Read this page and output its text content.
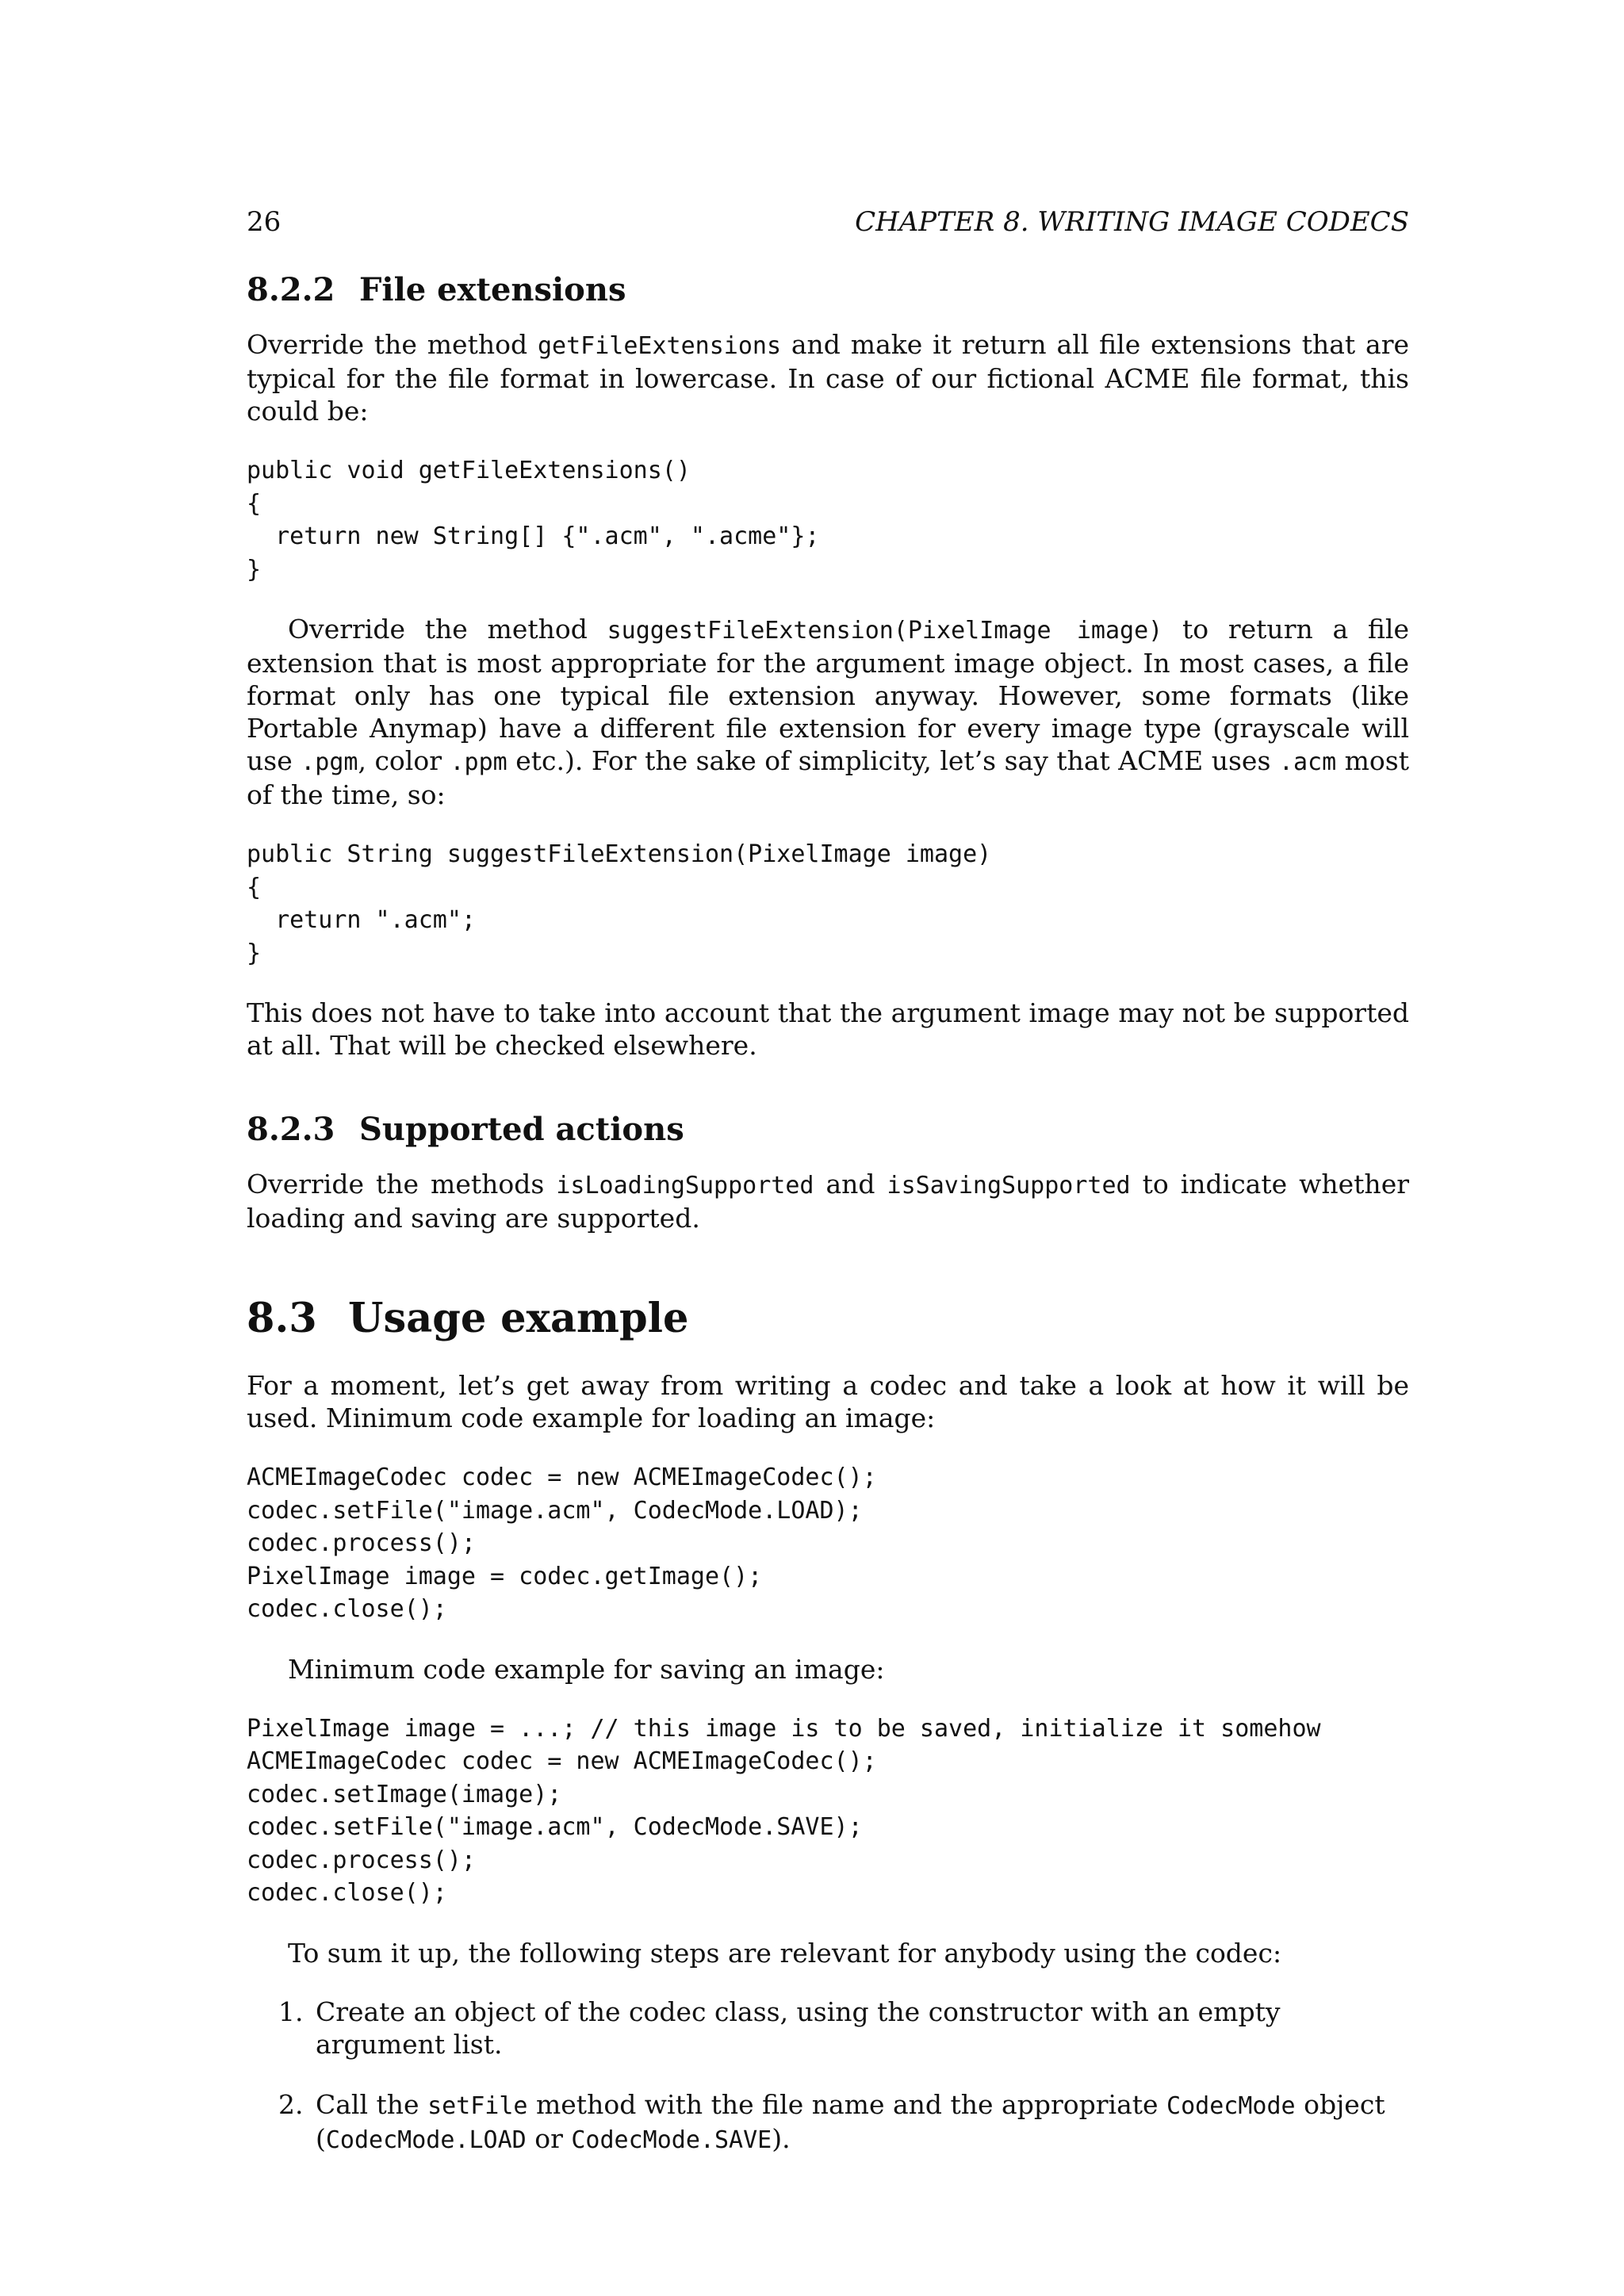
26	CHAPTER 8. WRITING IMAGE CODECS
8.2.2 File extensions

Override the method getFileExtensions and make it return all file extensions that are typical for the file format in lowercase. In case of our fictional ACME file format, this could be:

public void getFileExtensions()
{
return new String[] {".acm", ".acme"};
}

Override the method suggestFileExtension(PixelImage image) to return a file extension that is most appropriate for the argument image object. In most cases, a file format only has one typical file extension anyway. However, some formats (like Portable Anymap) have a different file extension for every image type (grayscale will use .pgm, color .ppm etc.). For the sake of simplicity, let’s say that ACME uses .acm most of the time, so:

public String suggestFileExtension(PixelImage image)
{
return ".acm";
}

This does not have to take into account that the argument image may not be supported at all. That will be checked elsewhere.

8.2.3 Supported actions

Override the methods isLoadingSupported and isSavingSupported to indicate whether loading and saving are supported.

8.3 Usage example

For a moment, let’s get away from writing a codec and take a look at how it will be used. Minimum code example for loading an image:

ACMEImageCodec codec = new ACMEImageCodec();
codec.setFile("image.acm", CodecMode.LOAD);
codec.process();
PixelImage image = codec.getImage();
codec.close();

Minimum code example for saving an image:

PixelImage image = ...; // this image is to be saved, initialize it somehow
ACMEImageCodec codec = new ACMEImageCodec();
codec.setImage(image);
codec.setFile("image.acm", CodecMode.SAVE);
codec.process();
codec.close();

To sum it up, the following steps are relevant for anybody using the codec:

1. Create an object of the codec class, using the constructor with an empty argument list.
2. Call the setFile method with the file name and the appropriate CodecMode object (CodecMode.LOAD or CodecMode.SAVE).
